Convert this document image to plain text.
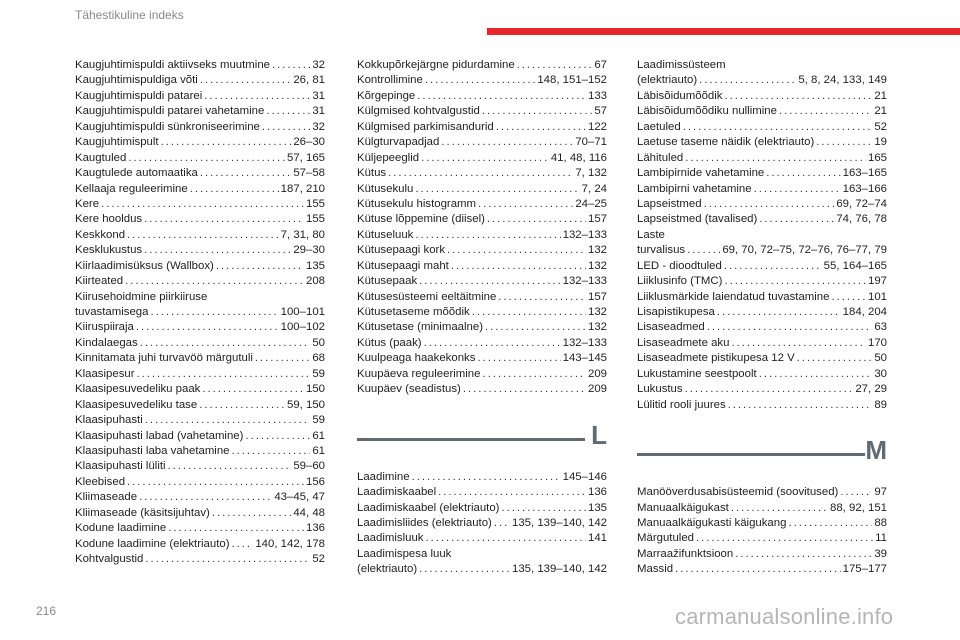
Tähestikuline indeks
Kaugjuhtimispuldi aktiivseks muutmine . . .	32
Kaugjuhtimispuldiga võti . . .	26, 81
Kaugjuhtimispuldi patarei . . .	31
Kaugjuhtimispuldi patarei vahetamine . . .	31
Kaugjuhtimispuldi sünkroniseerimine . . .	32
Kaugjuhtimispult . . .	26–30
Kaugtuled . . .	57, 165
Kaugtulede automaatika . . .	57–58
Kellaaja reguleerimine . . .	187, 210
Kere . . .	155
Kere hooldus . . .	155
Keskkond . . .	7, 31, 80
Kesklukustus . . .	29–30
Kiirlaadimisüksus (Wallbox) . . .	135
Kiirteated . . .	208
Kiirusehoidmine piirkiiruse
tuvastamisega . . .	100–101
Kiiruspiiraja . . .	100–102
Kindalaegas . . .	50
Kinnitamata juhi turvavöö märgutuli . . .	68
Klaasipesur . . .	59
Klaasipesuvedeliku paak . . .	150
Klaasipesuvedeliku tase . . .	59, 150
Klaasipuhasti . . .	59
Klaasipuhasti labad (vahetamine) . . .	61
Klaasipuhasti laba vahetamine . . .	61
Klaasipuhasti lüliti . . .	59–60
Kleebised . . .	156
Kliimaseade . . .	43–45, 47
Kliimaseade (käsitsijuhtav) . . .	44, 48
Kodune laadimine . . .	136
Kodune laadimine (elektriauto) . . . 140, 142, 178
Kohtvalgustid . . .	52
Kokkupõrkejärgne pidurdamine . . .	67
Kontrollimine . . .	148, 151–152
Kõrgepinge . . .	133
Külgmised kohtvalgustid . . .	57
Külgmised parkimisandurid . . .	122
Külgturvapadjad . . .	70–71
Küljepeeglid . . .	41, 48, 116
Kütus . . .	7, 132
Kütusekulu . . .	7, 24
Kütusekulu histogramm . . .	24–25
Kütuse lõppemine (diisel) . . .	157
Kütuseluuk . . .	132–133
Kütusepaagi kork . . .	132
Kütusepaagi maht . . .	132
Kütusepaak . . .	132–133
Kütusesüsteemi eeltäitmine . . .	157
Kütusetaseme mõõdik . . .	132
Kütusetase (minimaalne) . . .	132
Kütus (paak) . . .	132–133
Kuulpeaga haakekonks . . .	143–145
Kuupäeva reguleerimine . . .	209
Kuupäev (seadistus) . . .	209
L
Laadimine . . .	145–146
Laadimiskaabel . . .	136
Laadimiskaabel (elektriauto) . . .	135
Laadimisliides (elektriauto) . . . 135, 139–140, 142
Laadimisluuk . . .	141
Laadimispesa luuk
(elektriauto) . . .	135, 139–140, 142
Laadimissüsteem
(elektriauto) . . .	5, 8, 24, 133, 149
Läbisõidumõõdik . . .	21
Läbisõidumõõdiku nullimine . . .	21
Laetuled . . .	52
Laetuse taseme näidik (elektriauto) . . .	19
Lähituled . . .	165
Lambipirnide vahetamine . . .	163–165
Lambipirni vahetamine . . .	163–166
Lapseistmed . . .	69, 72–74
Lapseistmed (tavalised) . . .	74, 76, 78
Laste
turvalisus . . .	69, 70, 72–75, 72–76, 76–77, 79
LED - dioodtuled . . .	55, 164–165
Liiklusinfo (TMC) . . .	197
Liiklusmärkide laiendatud tuvastamine . . .	101
Lisapistikupesa . . .	184, 204
Lisaseadmed . . .	63
Lisaseadmete aku . . .	170
Lisaseadmete pistikupesa 12 V . . .	50
Lukustamine seestpoolt . . .	30
Lukustus . . .	27, 29
Lülitid rooli juures . . .	89
M
Manööverdusabisüsteemid (soovitused) . . .	97
Manuaalkäigukast . . .	88, 92, 151
Manuaalkäigukasti käigukang . . .	88
Märgutuled . . .	11
Marraažifunktsioon . . .	39
Massid . . .	175–177
216	carmanualsonline.info
